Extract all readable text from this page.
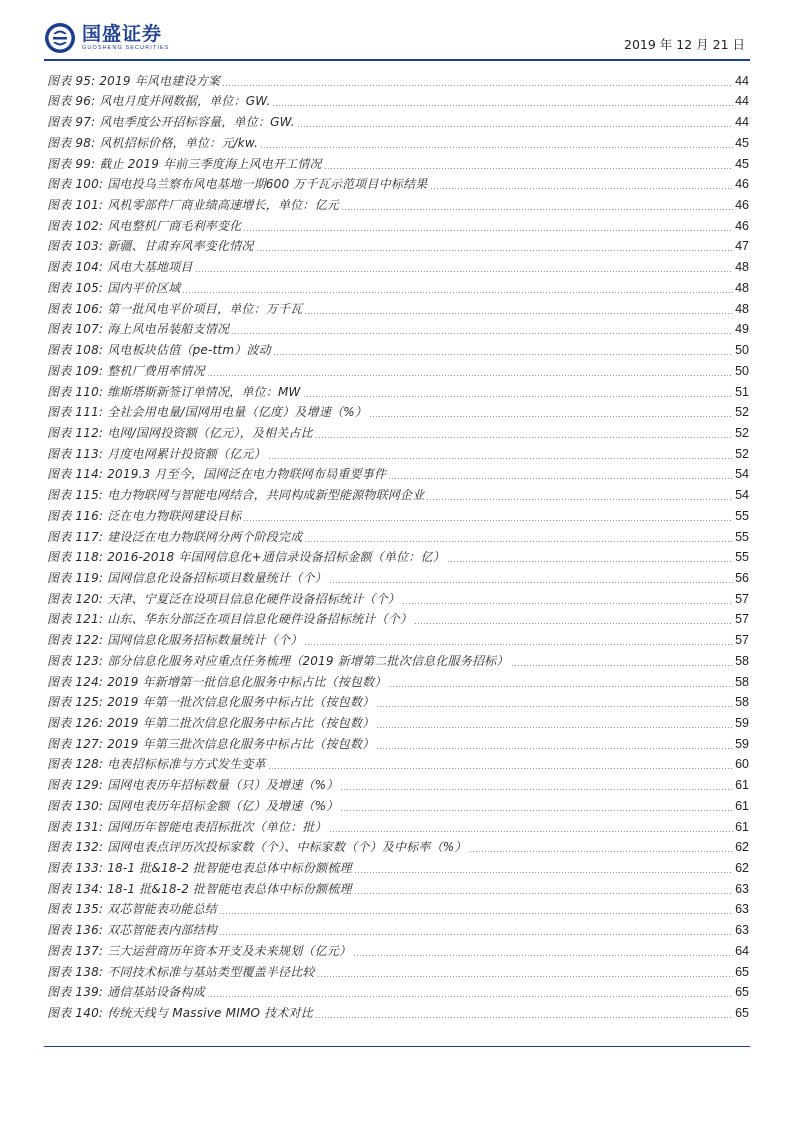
国盛证券
GUOSHENG SECURITIES	2019 年 12 月 21 日
图表 95: 2019 年风电建设方案	44
图表 96: 风电月度并网数据，单位：GW.	44
图表 97: 风电季度公开招标容量，单位：GW.	44
图表 98: 风机招标价格，单位：元/kw.	45
图表 99: 截止 2019 年前三季度海上风电开工情况	45
图表 100: 国电投乌兰察布风电基地一期600 万千瓦示范项目中标结果	46
图表 101: 风机零部件厂商业绩高速增长，单位：亿元	46
图表 102: 风电整机厂商毛利率变化	46
图表 103: 新疆、甘肃弃风率变化情况	47
图表 104: 风电大基地项目	48
图表 105: 国内平价区域	48
图表 106: 第一批风电平价项目，单位：万千瓦	48
图表 107: 海上风电吊装船支情况	49
图表 108: 风电板块估值（pe-ttm）波动	50
图表 109: 整机厂费用率情况	50
图表 110: 维斯塔斯新签订单情况，单位：MW	51
图表 111: 全社会用电量/国网用电量（亿度）及增速（%）	52
图表 112: 电网/国网投资额（亿元），及相关占比	52
图表 113: 月度电网累计投资额（亿元）	52
图表 114: 2019.3 月至今，国网泛在电力物联网布局重要事件	54
图表 115: 电力物联网与智能电网结合，共同构成新型能源物联网企业	54
图表 116: 泛在电力物联网建设目标	55
图表 117: 建设泛在电力物联网分两个阶段完成	55
图表 118: 2016-2018 年国网信息化+通信录设备招标金额（单位：亿）	55
图表 119: 国网信息化设备招标项目数量统计（个）	56
图表 120: 天津、宁夏泛在设项目信息化硬件设备招标统计（个）	57
图表 121: 山东、华东分部泛在项目信息化硬件设备招标统计（个）	57
图表 122: 国网信息化服务招标数量统计（个）	57
图表 123: 部分信息化服务对应重点任务梳理（2019 新增第二批次信息化服务招标）	58
图表 124: 2019 年新增第一批信息化服务中标占比（按包数）	58
图表 125: 2019 年第一批次信息化服务中标占比（按包数）	58
图表 126: 2019 年第二批次信息化服务中标占比（按包数）	59
图表 127: 2019 年第三批次信息化服务中标占比（按包数）	59
图表 128: 电表招标标准与方式发生变革	60
图表 129: 国网电表历年招标数量（只）及增速（%）	61
图表 130: 国网电表历年招标金额（亿）及增速（%）	61
图表 131: 国网历年智能电表招标批次（单位：批）	61
图表 132: 国网电表点评历次投标家数（个）、中标家数（个）及中标率（%）	62
图表 133: 18-1 批&18-2 批智能电表总体中标份额梳理	62
图表 134: 18-1 批&18-2 批智能电表总体中标份额梳理	63
图表 135: 双芯智能表功能总结	63
图表 136: 双芯智能表内部结构	63
图表 137: 三大运营商历年资本开支及未来规划（亿元）	64
图表 138: 不同技术标准与基站类型覆盖半径比较	65
图表 139: 通信基站设备构成	65
图表 140: 传统天线与 Massive MIMO 技术对比	65
